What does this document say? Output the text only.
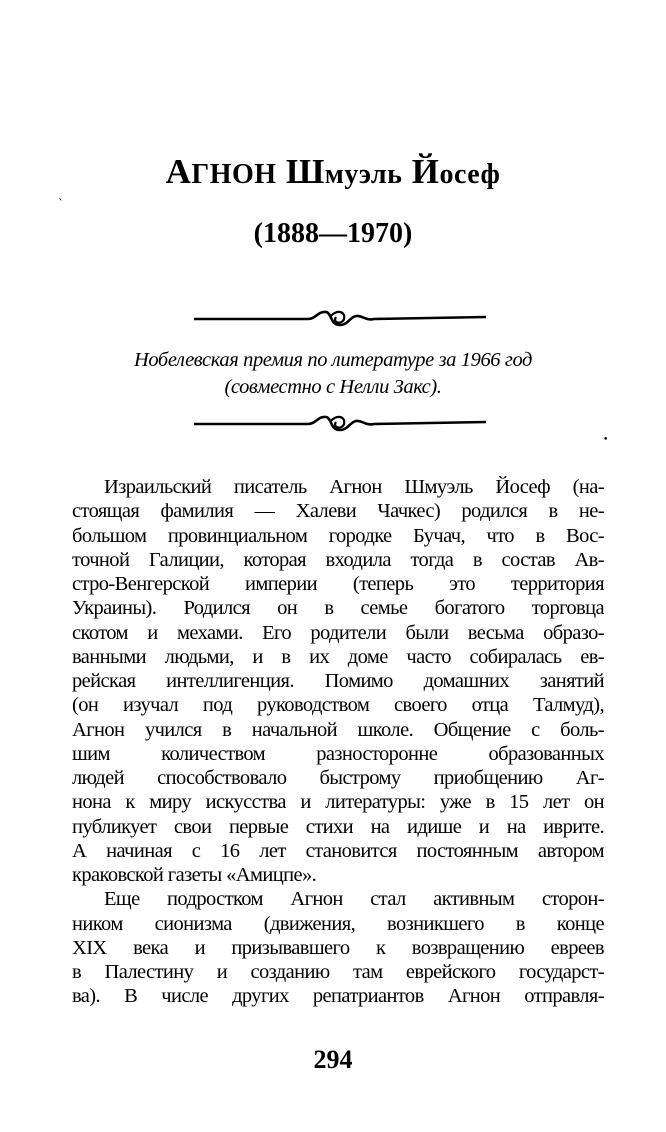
ˋ
•
АГНОН Шмуэль Йосеф
(1888—1970)
Нобелевская премия по литературе за 1966 год
(совместно с Нелли Закс).
Израильский писатель Агнон Шмуэль Йосеф (на-
стоящая фамилия — Халеви Чачкес) родился в не-
большом провинциальном городке Бучач, что в Вос-
точной Галиции, которая входила тогда в состав Ав-
стро-Венгерской империи (теперь это территория
Украины). Родился он в семье богатого торговца
скотом и мехами. Его родители были весьма образо-
ванными людьми, и в их доме часто собиралась ев-
рейская интеллигенция. Помимо домашних занятий
(он изучал под руководством своего отца Талмуд),
Агнон учился в начальной школе. Общение с боль-
шим количеством разносторонне образованных
людей способствовало быстрому приобщению Аг-
нона к миру искусства и литературы: уже в 15 лет он
публикует свои первые стихи на идише и на иврите.
А начиная с 16 лет становится постоянным автором
краковской газеты «Амицпе».
Еще подростком Агнон стал активным сторон-
ником сионизма (движения, возникшего в конце
XIX века и призывавшего к возвращению евреев
в Палестину и созданию там еврейского государст-
ва). В числе других репатриантов Агнон отправля-
294
